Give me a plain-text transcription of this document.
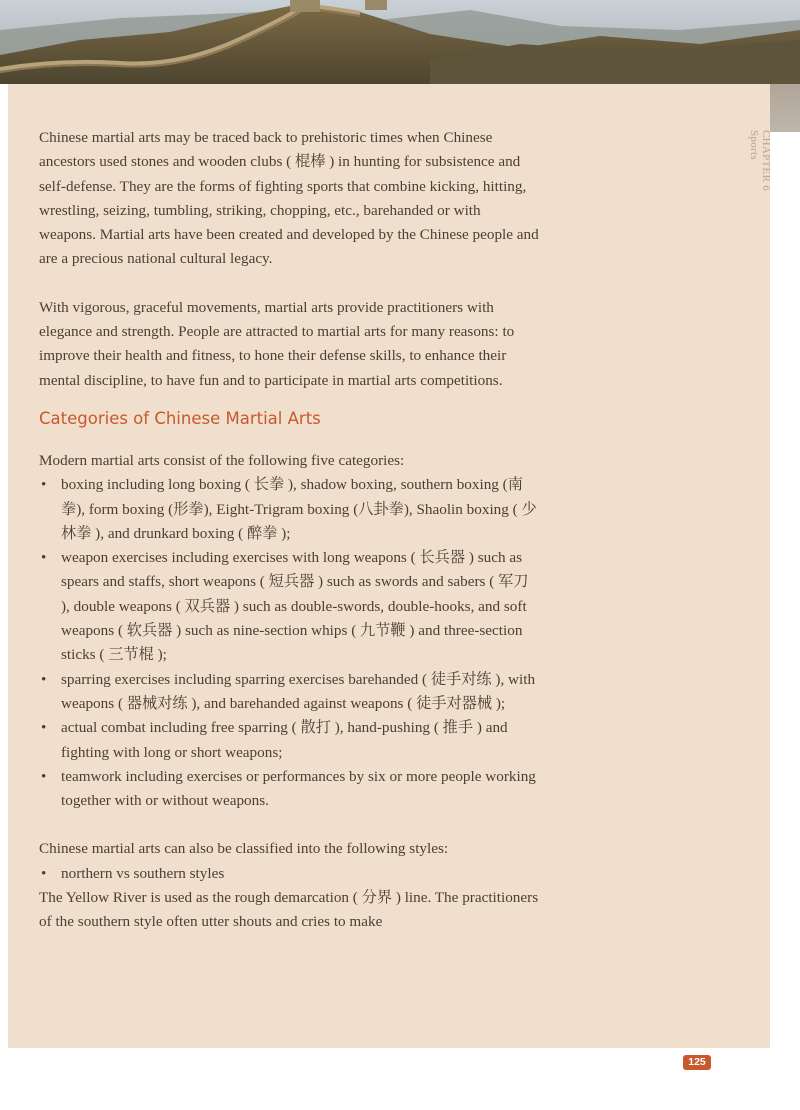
CHAPTER 6
Sports

Chinese martial arts may be traced back to prehistoric times when Chinese ancestors used stones and wooden clubs ( 棍棒 ) in hunting for subsistence and self-defense. They are the forms of fighting sports that combine kicking, hitting, wrestling, seizing, tumbling, striking, chopping, etc., barehanded or with weapons. Martial arts have been created and developed by the Chinese people and are a precious national cultural legacy.

With vigorous, graceful movements, martial arts provide practitioners with elegance and strength. People are attracted to martial arts for many reasons: to improve their health and fitness, to hone their defense skills, to enhance their mental discipline, to have fun and to participate in martial arts competitions.

Categories of Chinese Martial Arts

Modern martial arts consist of the following five categories:

• boxing including long boxing ( 长拳 ), shadow boxing, southern boxing (南拳), form boxing (形拳), Eight-Trigram boxing (八卦拳), Shaolin boxing ( 少林拳 ), and drunkard boxing ( 醉拳 );
• weapon exercises including exercises with long weapons ( 长兵器 ) such as spears and staffs, short weapons ( 短兵器 ) such as swords and sabers ( 军刀 ), double weapons ( 双兵器 ) such as double-swords, double-hooks, and soft weapons ( 软兵器 ) such as nine-section whips ( 九节鞭 ) and three-section sticks ( 三节棍 );
• sparring exercises including sparring exercises barehanded ( 徒手对练 ), with weapons ( 器械对练 ), and barehanded against weapons ( 徒手对器械 );
• actual combat including free sparring ( 散打 ), hand-pushing ( 推手 ) and fighting with long or short weapons;
• teamwork including exercises or performances by six or more people working together with or without weapons.

Chinese martial arts can also be classified into the following styles:

• northern vs southern styles

The Yellow River is used as the rough demarcation ( 分界 ) line. The practitioners of the southern style often utter shouts and cries to make

125
